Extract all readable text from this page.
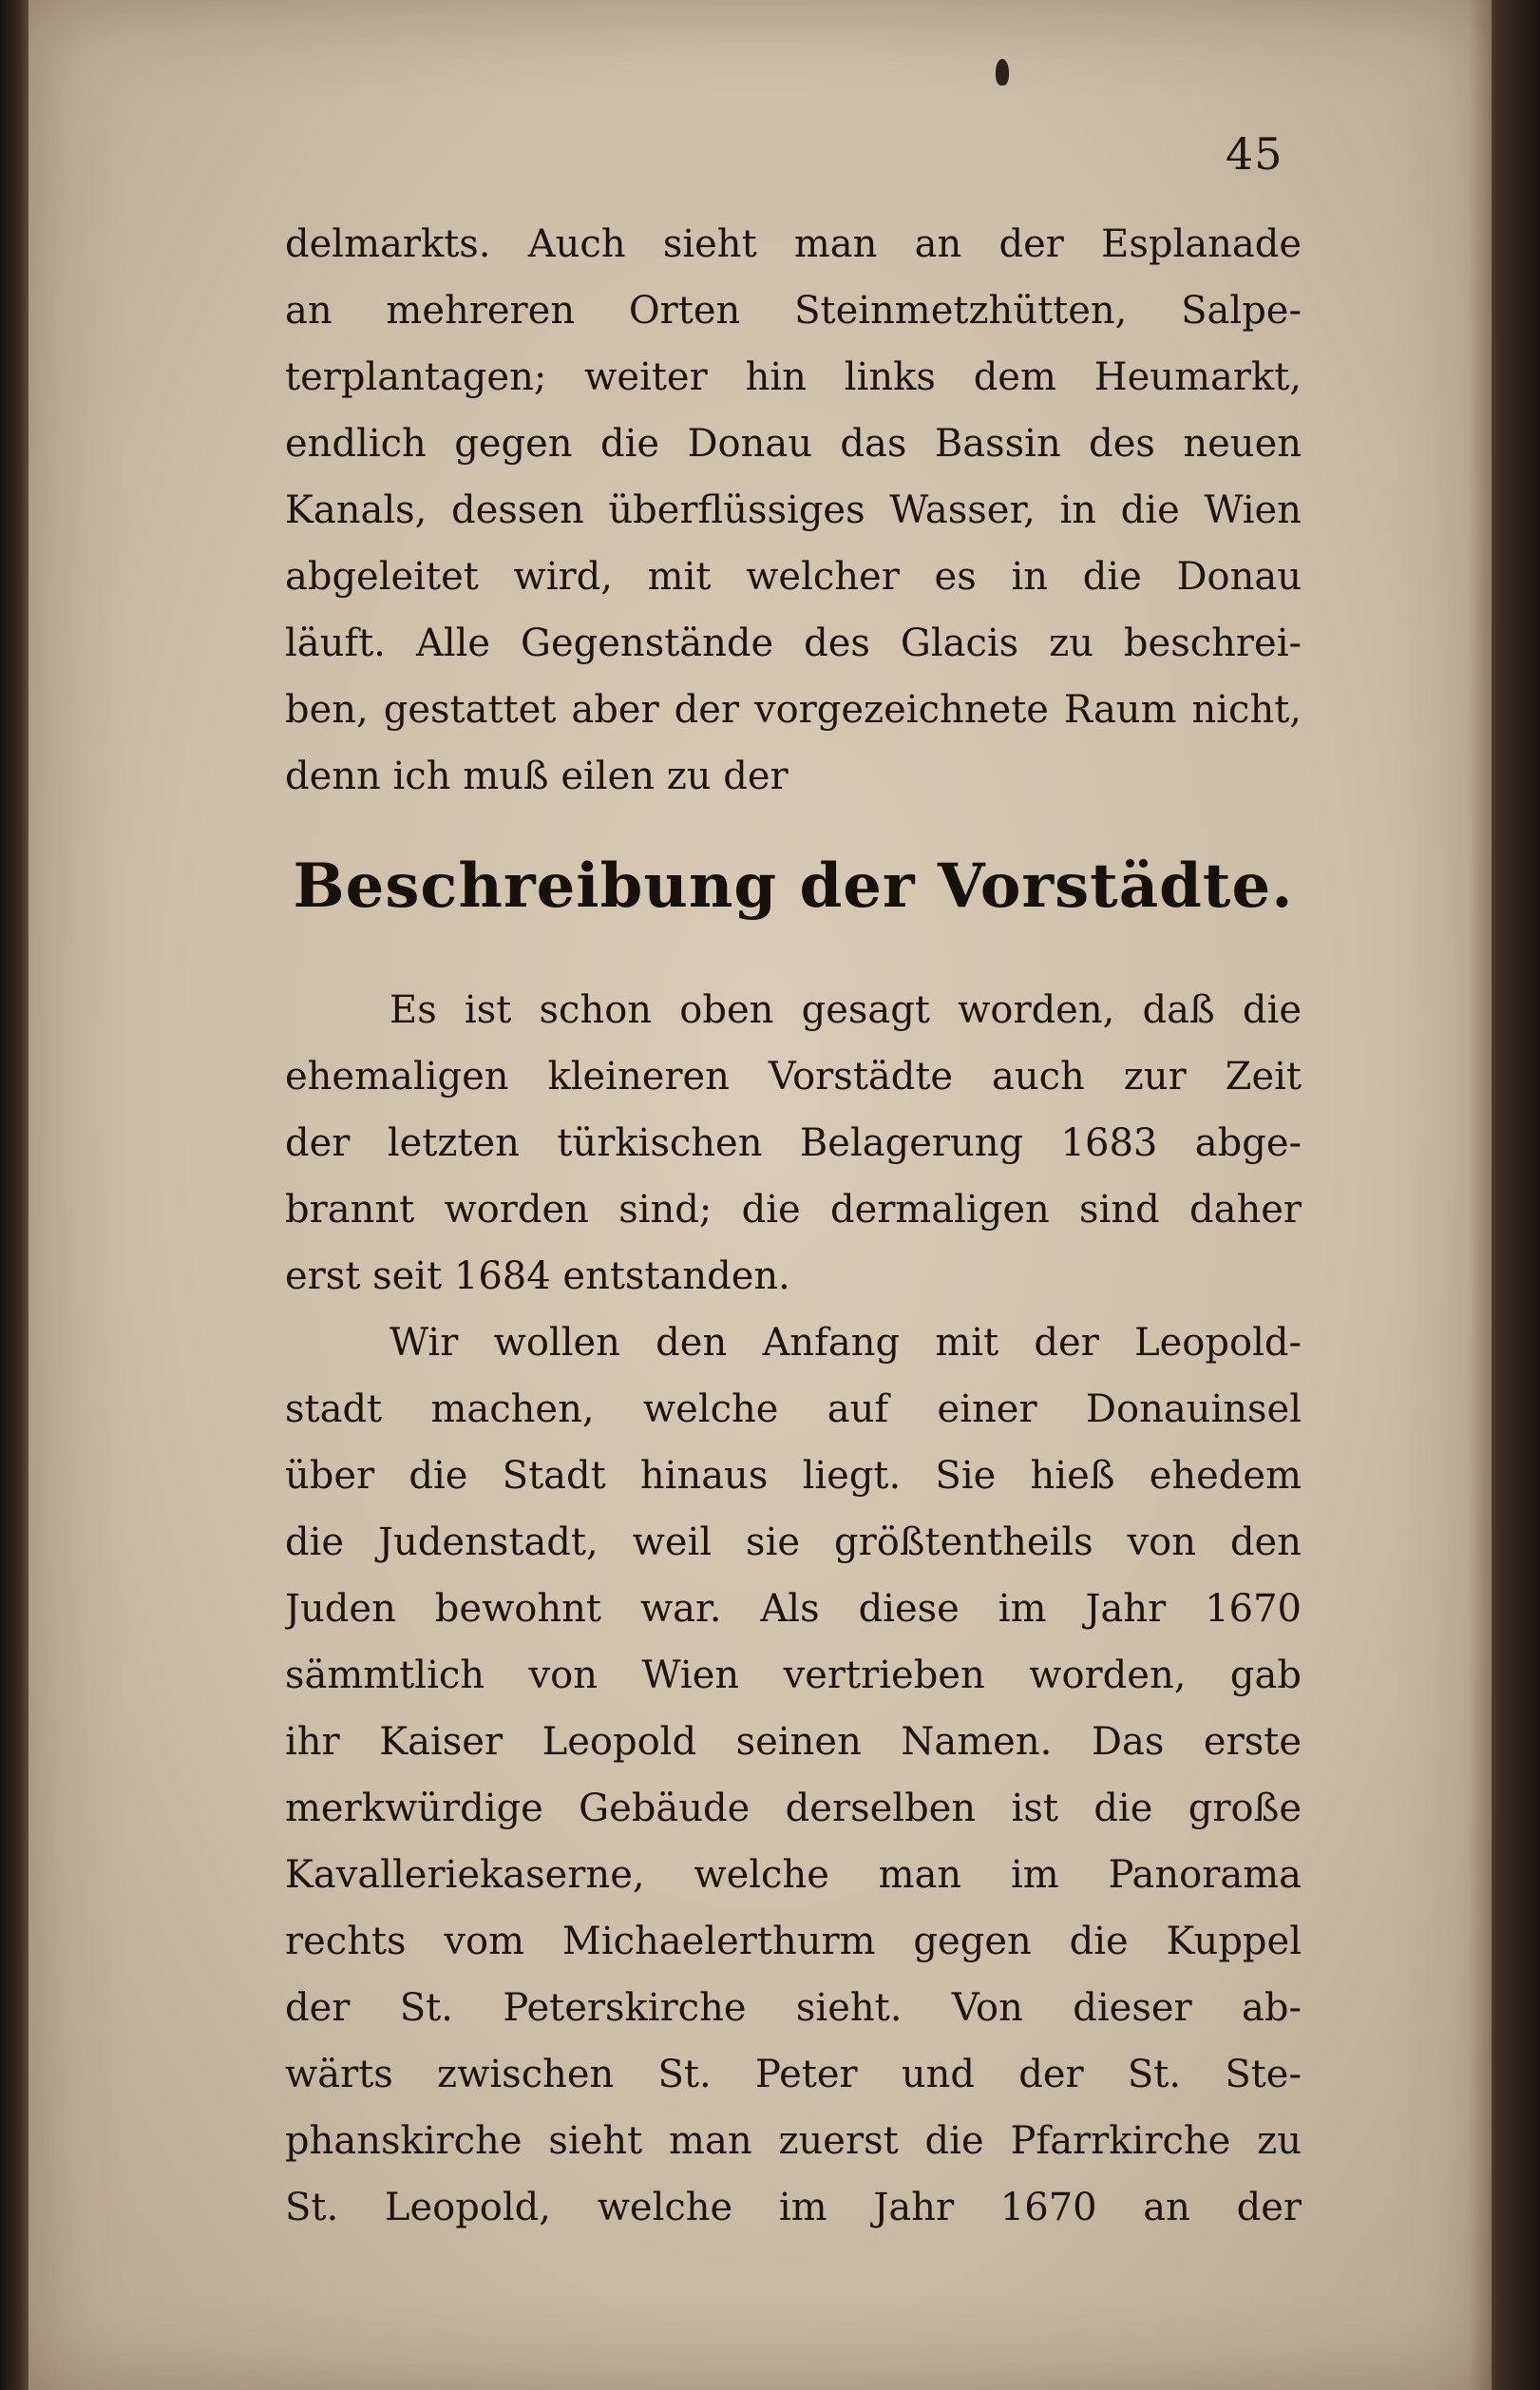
45
delmarkts. Auch sieht man an der Esplanade
an mehreren Orten Steinmetzhütten, Salpe-
terplantagen; weiter hin links dem Heumarkt,
endlich gegen die Donau das Bassin des neuen
Kanals, dessen überflüssiges Wasser, in die Wien
abgeleitet wird, mit welcher es in die Donau
läuft. Alle Gegenstände des Glacis zu beschrei-
ben, gestattet aber der vorgezeichnete Raum nicht,
denn ich muß eilen zu der
Beschreibung der Vorstädte.
Es ist schon oben gesagt worden, daß die
ehemaligen kleineren Vorstädte auch zur Zeit
der letzten türkischen Belagerung 1683 abge-
brannt worden sind; die dermaligen sind daher
erst seit 1684 entstanden.
Wir wollen den Anfang mit der Leopold-
stadt machen, welche auf einer Donauinsel
über die Stadt hinaus liegt. Sie hieß ehedem
die Judenstadt, weil sie größtentheils von den
Juden bewohnt war. Als diese im Jahr 1670
sämmtlich von Wien vertrieben worden, gab
ihr Kaiser Leopold seinen Namen. Das erste
merkwürdige Gebäude derselben ist die große
Kavalleriekaserne, welche man im Panorama
rechts vom Michaelerthurm gegen die Kuppel
der St. Peterskirche sieht. Von dieser ab-
wärts zwischen St. Peter und der St. Ste-
phanskirche sieht man zuerst die Pfarrkirche zu
St. Leopold, welche im Jahr 1670 an der
